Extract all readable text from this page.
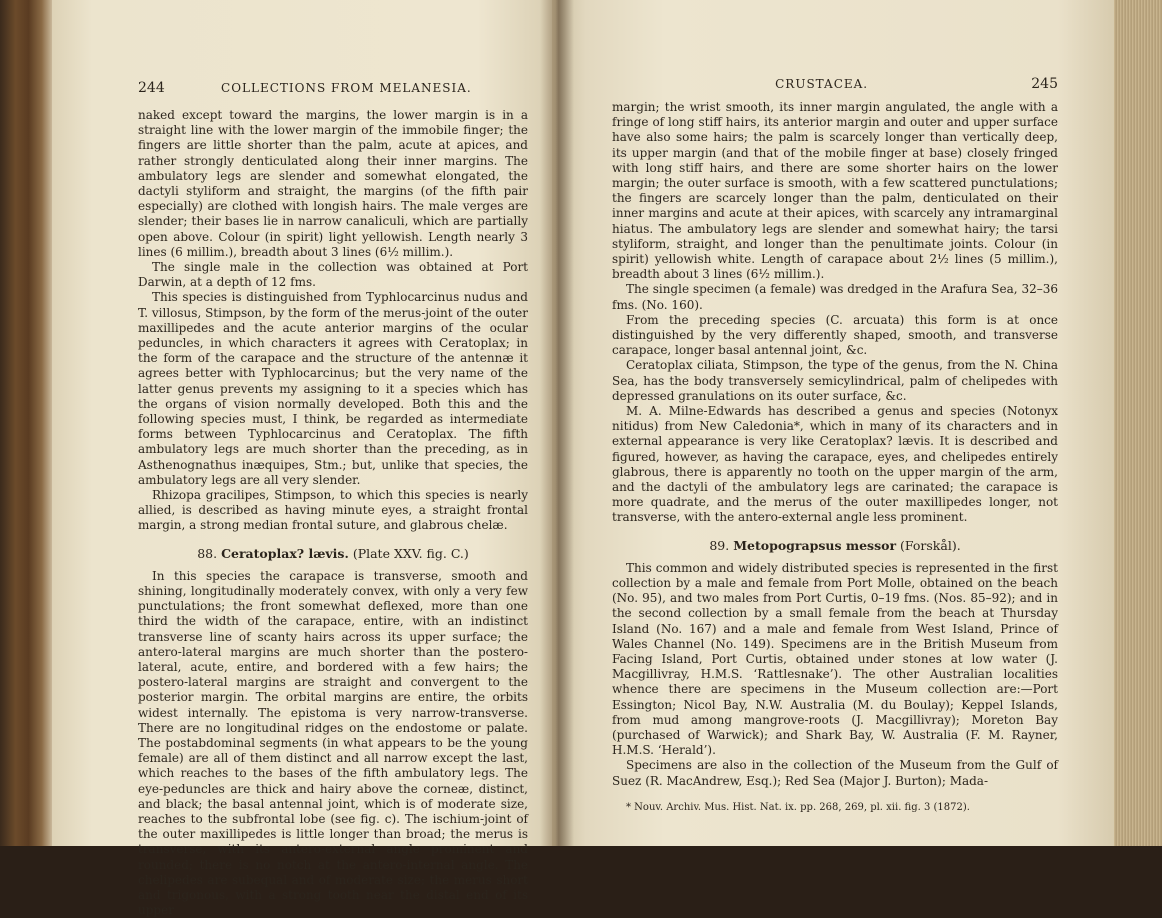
244	COLLECTIONS FROM MELANESIA.

naked except toward the margins, the lower margin is in a straight line with the lower margin of the immobile finger; the fingers are little shorter than the palm, acute at apices, and rather strongly denticulated along their inner margins. The ambulatory legs are slender and somewhat elongated, the dactyli styliform and straight, the margins (of the fifth pair especially) are clothed with longish hairs. The male verges are slender; their bases lie in narrow canaliculi, which are partially open above. Colour (in spirit) light yellowish. Length nearly 3 lines (6 millim.), breadth about 3 lines (6½ millim.).

The single male in the collection was obtained at Port Darwin, at a depth of 12 fms.

This species is distinguished from Typhlocarcinus nudus and T. villosus, Stimpson, by the form of the merus-joint of the outer maxillipedes and the acute anterior margins of the ocular peduncles, in which characters it agrees with Ceratoplax; in the form of the carapace and the structure of the antennæ it agrees better with Typhlocarcinus; but the very name of the latter genus prevents my assigning to it a species which has the organs of vision normally developed. Both this and the following species must, I think, be regarded as intermediate forms between Typhlocarcinus and Ceratoplax. The fifth ambulatory legs are much shorter than the preceding, as in Asthenognathus inæquipes, Stm.; but, unlike that species, the ambulatory legs are all very slender.

Rhizopa gracilipes, Stimpson, to which this species is nearly allied, is described as having minute eyes, a straight frontal margin, a strong median frontal suture, and glabrous chelæ.

88. Ceratoplax? lævis. (Plate XXV. fig. C.)

In this species the carapace is transverse, smooth and shining, longitudinally moderately convex, with only a very few punctulations; the front somewhat deflexed, more than one third the width of the carapace, entire, with an indistinct transverse line of scanty hairs across its upper surface; the antero-lateral margins are much shorter than the postero-lateral, acute, entire, and bordered with a few hairs; the postero-lateral margins are straight and convergent to the posterior margin. The orbital margins are entire, the orbits widest internally. The epistoma is very narrow-transverse. There are no longitudinal ridges on the endostome or palate. The postabdominal segments (in what appears to be the young female) are all of them distinct and all narrow except the last, which reaches to the bases of the fifth ambulatory legs. The eye-peduncles are thick and hairy above the corneæ, distinct, and black; the basal antennal joint, which is of moderate size, reaches to the subfrontal lobe (see fig. c). The ischium-joint of the outer maxillipedes is little longer than broad; the merus is transverse, with its antero-external angle prominent and rounded; there is no notch at the antero-internal angle. The chelipedes are subequal and of moderate size; the merus short and trigonous, with a strong tooth near the distal end of its upper

CRUSTACEA.	245

margin; the wrist smooth, its inner margin angulated, the angle with a fringe of long stiff hairs, its anterior margin and outer and upper surface have also some hairs; the palm is scarcely longer than vertically deep, its upper margin (and that of the mobile finger at base) closely fringed with long stiff hairs, and there are some shorter hairs on the lower margin; the outer surface is smooth, with a few scattered punctulations; the fingers are scarcely longer than the palm, denticulated on their inner margins and acute at their apices, with scarcely any intramarginal hiatus. The ambulatory legs are slender and somewhat hairy; the tarsi styliform, straight, and longer than the penultimate joints. Colour (in spirit) yellowish white. Length of carapace about 2½ lines (5 millim.), breadth about 3 lines (6½ millim.).

The single specimen (a female) was dredged in the Arafura Sea, 32–36 fms. (No. 160).

From the preceding species (C. arcuata) this form is at once distinguished by the very differently shaped, smooth, and transverse carapace, longer basal antennal joint, &c.

Ceratoplax ciliata, Stimpson, the type of the genus, from the N. China Sea, has the body transversely semicylindrical, palm of chelipedes with depressed granulations on its outer surface, &c.

M. A. Milne-Edwards has described a genus and species (Notonyx nitidus) from New Caledonia*, which in many of its characters and in external appearance is very like Ceratoplax? lævis. It is described and figured, however, as having the carapace, eyes, and chelipedes entirely glabrous, there is apparently no tooth on the upper margin of the arm, and the dactyli of the ambulatory legs are carinated; the carapace is more quadrate, and the merus of the outer maxillipedes longer, not transverse, with the antero-external angle less prominent.

89. Metopograpsus messor (Forskål).

This common and widely distributed species is represented in the first collection by a male and female from Port Molle, obtained on the beach (No. 95), and two males from Port Curtis, 0–19 fms. (Nos. 85–92); and in the second collection by a small female from the beach at Thursday Island (No. 167) and a male and female from West Island, Prince of Wales Channel (No. 149). Specimens are in the British Museum from Facing Island, Port Curtis, obtained under stones at low water (J. Macgillivray, H.M.S. ‘Rattlesnake’). The other Australian localities whence there are specimens in the Museum collection are:—Port Essington; Nicol Bay, N.W. Australia (M. du Boulay); Keppel Islands, from mud among mangrove-roots (J. Macgillivray); Moreton Bay (purchased of Warwick); and Shark Bay, W. Australia (F. M. Rayner, H.M.S. ‘Herald’).

Specimens are also in the collection of the Museum from the Gulf of Suez (R. MacAndrew, Esq.); Red Sea (Major J. Burton); Mada-

* Nouv. Archiv. Mus. Hist. Nat. ix. pp. 268, 269, pl. xii. fig. 3 (1872).
